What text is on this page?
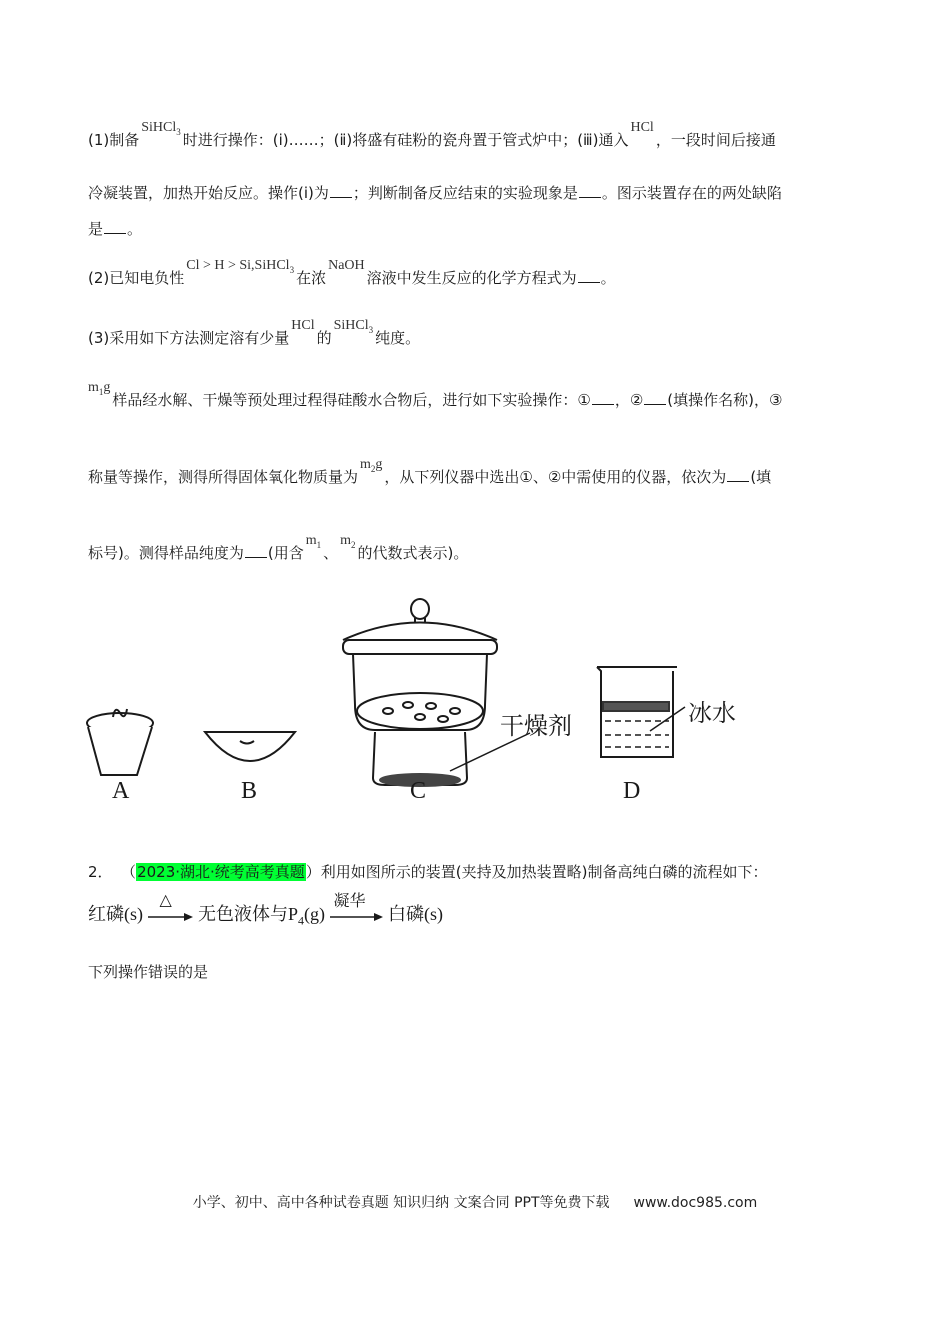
(1)制备SiHCl$_3$ 时进行操作：(ⅰ)……；(ⅱ)将盛有硅粉的瓷舟置于管式炉中；(ⅲ)通入HCl，一段时间后接通
冷凝装置，加热开始反应。操作(ⅰ)为 ；判断制备反应结束的实验现象是 。图示装置存在的两处缺陷
是 。
(2)已知电负性Cl > H > Si,SiHCl$_3$ 在浓NaOH溶液中发生反应的化学方程式为 。
(3)采用如下方法测定溶有少量HCl的SiHCl$_3$ 纯度。
$m_1g$样品经水解、干燥等预处理过程得硅酸水合物后，进行如下实验操作：① ，② (填操作名称)，③
称量等操作，测得所得固体氧化物质量为$m_2g$，从下列仪器中选出①、②中需使用的仪器，依次为 (填
标号)。测得样品纯度为 (用含$m_1$ 、$m_2$ 的代数式表示)。
A	B	C	D
干燥剂	冰水
2． （2023·湖北·统考高考真题）利用如图所示的装置(夹持及加热装置略)制备高纯白磷的流程如下：
红磷(s)
△
无色液体与$P_4(g)$
凝华
白磷(s)
下列操作错误的是
小学、初中、高中各种试卷真题 知识归纳 文案合同 PPT等免费下载 www.doc985.com
